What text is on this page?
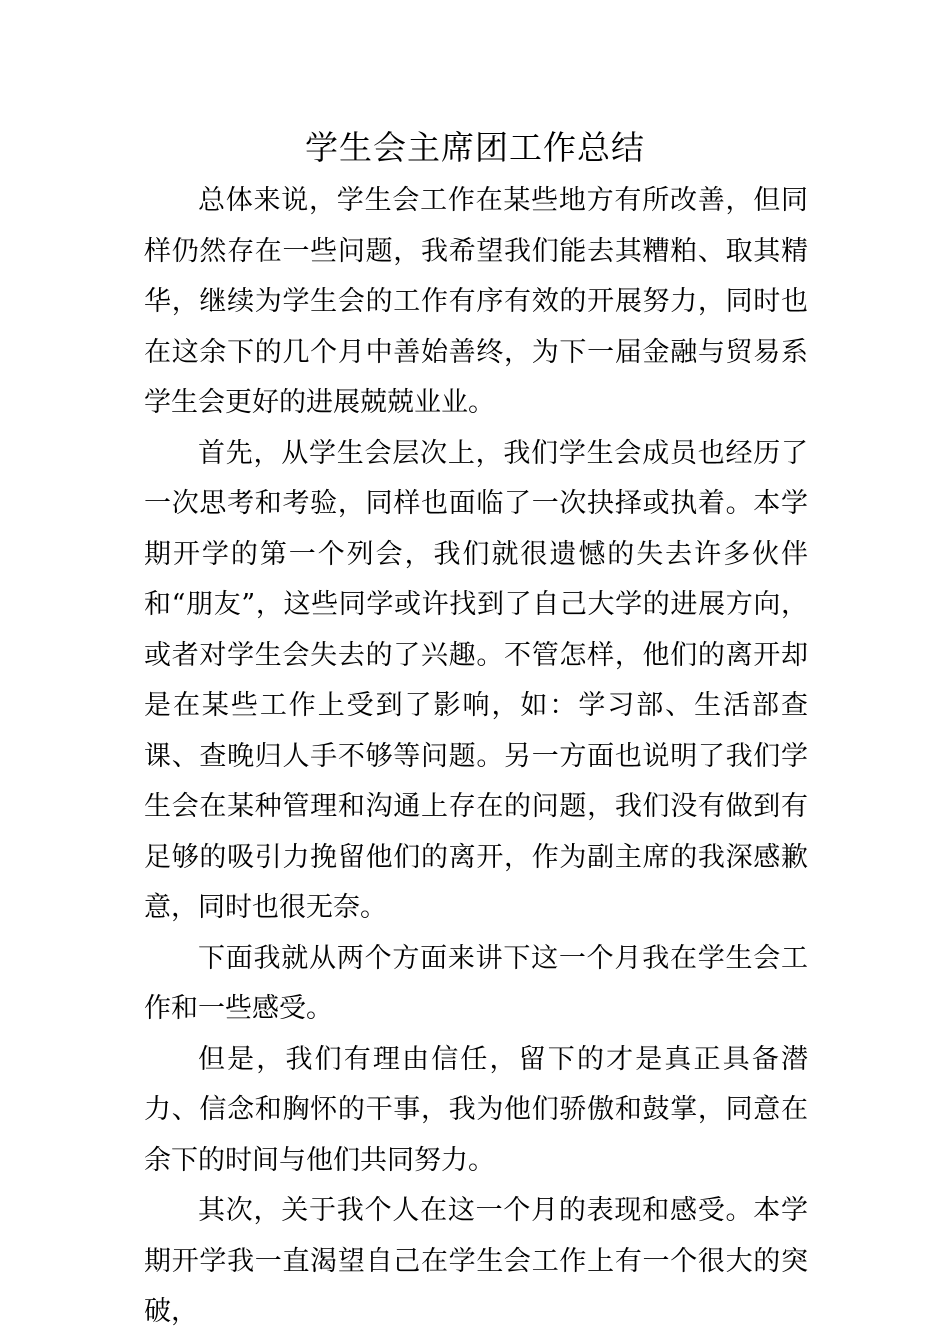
学生会主席团工作总结

总体来说，学生会工作在某些地方有所改善，但同样仍然存在一些问题，我希望我们能去其糟粕、取其精华，继续为学生会的工作有序有效的开展努力，同时也在这余下的几个月中善始善终，为下一届金融与贸易系学生会更好的进展兢兢业业。

首先，从学生会层次上，我们学生会成员也经历了一次思考和考验，同样也面临了一次抉择或执着。本学期开学的第一个列会，我们就很遗憾的失去许多伙伴和“朋友”，这些同学或许找到了自己大学的进展方向，或者对学生会失去的了兴趣。不管怎样，他们的离开却是在某些工作上受到了影响，如：学习部、生活部查课、查晚归人手不够等问题。另一方面也说明了我们学生会在某种管理和沟通上存在的问题，我们没有做到有足够的吸引力挽留他们的离开，作为副主席的我深感歉意，同时也很无奈。

下面我就从两个方面来讲下这一个月我在学生会工作和一些感受。

但是，我们有理由信任，留下的才是真正具备潜力、信念和胸怀的干事，我为他们骄傲和鼓掌，同意在余下的时间与他们共同努力。

其次，关于我个人在这一个月的表现和感受。本学期开学我一直渴望自己在学生会工作上有一个很大的突破，
